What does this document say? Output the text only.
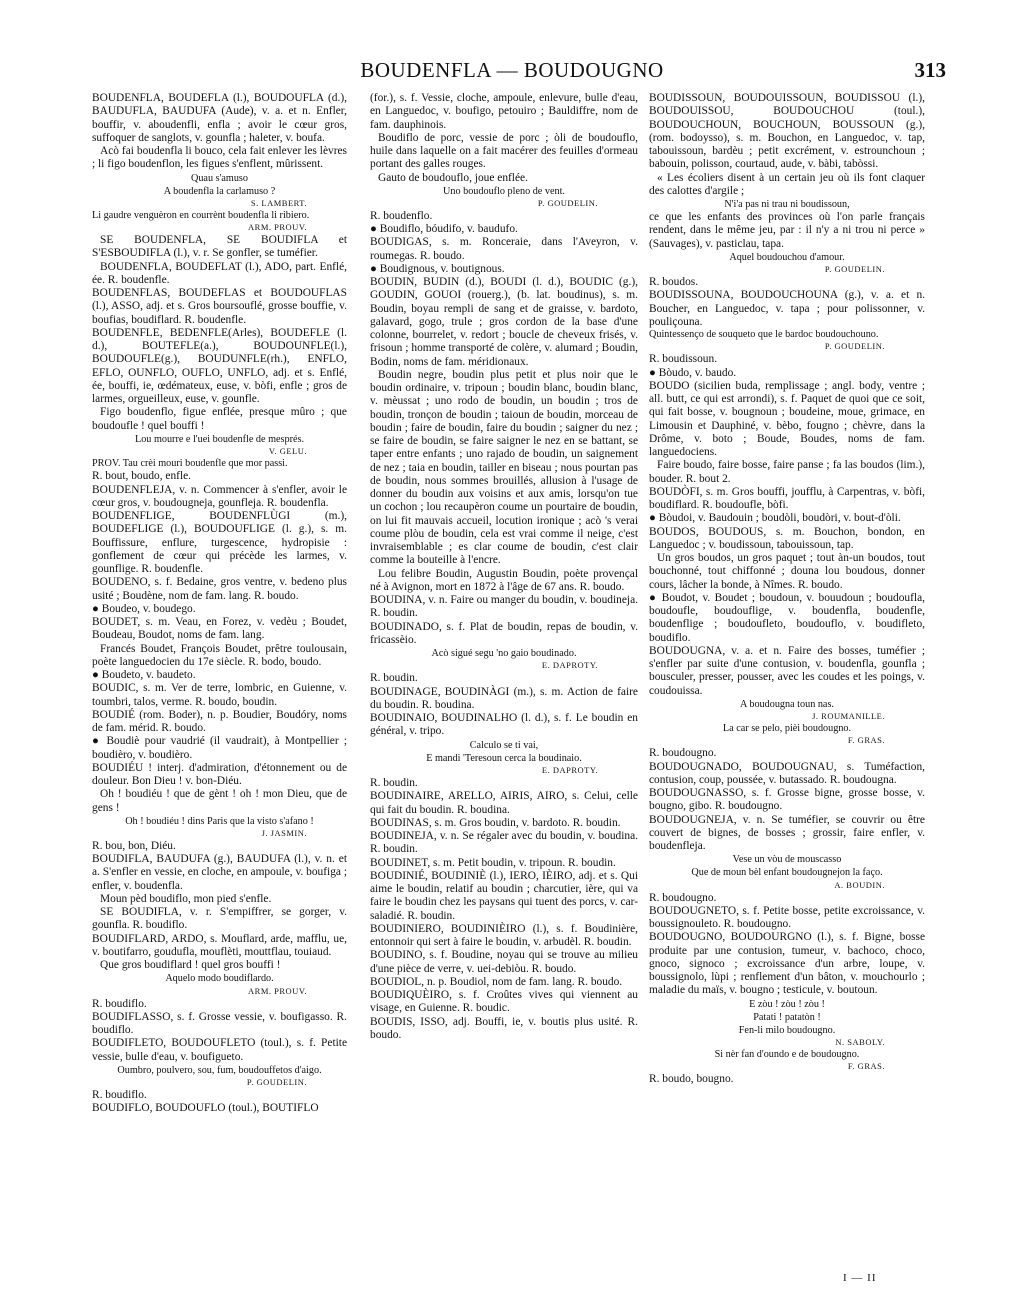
BOUDENFLA — BOUDOUGNO	313

BOUDENFLA, BOUDEFLA (l.), BOUDOUFLA (d.), BAUDUFLA, BAUDUFA (Aude), v. a. et n. Enfler, bouffir, v. aboudenfli, enfla ; avoir le cœur gros, suffoquer de sanglots, v. gounfla ; haleter, v. boufa.

Acò fai boudenfla li bouco, cela fait enlever les lèvres ; li figo boudenflon, les figues s'enflent, mûrissent.

Quau s'amuso

A boudenfla la carlamuso ?

S. LAMBERT.

Li gaudre venguèron en courrènt boudenfla li ribiero.

ARM. PROUV.

SE BOUDENFLA, SE BOUDIFLA et S'ESBOUDIFLA (l.), v. r. Se gonfler, se tuméfier.

BOUDENFLA, BOUDEFLAT (l.), ADO, part. Enflé, ée. R. boudenfle.

BOUDENFLAS, BOUDEFLAS et BOUDOUFLAS (l.), ASSO, adj. et s. Gros boursouflé, grosse bouffie, v. boufias, boudiflard. R. boudenfle.

BOUDENFLE, BEDENFLE(Arles), BOUDEFLE (l. d.), BOUTEFLE(a.), BOUDOUNFLE(l.), BOUDOUFLE(g.), BOUDUNFLE(rh.), ENFLO, EFLO, OUNFLO, OUFLO, UNFLO, adj. et s. Enflé, ée, bouffi, ie, œdémateux, euse, v. bòfi, enfle ; gros de larmes, orgueilleux, euse, v. gounfle.

Figo boudenflo, figue enflée, presque mûro ; que boudoufle ! quel bouffi !

Lou mourre e l'uei boudenfle de mesprés.

V. GELU.

PROV. Tau crèi mouri boudenfle que mor passi.

R. bout, boudo, enfle.

BOUDENFLEJA, v. n. Commencer à s'enfler, avoir le cœur gros, v. boudougneja, gounfleja. R. boudenfla.

BOUDENFLIGE, BOUDENFLÙGI (m.), BOUDEFLIGE (l.), BOUDOUFLIGE (l. g.), s. m. Bouffissure, enflure, turgescence, hydropisie : gonflement de cœur qui précède les larmes, v. gounflige. R. boudenfle.

BOUDENO, s. f. Bedaine, gros ventre, v. bedeno plus usité ; Boudène, nom de fam. lang. R. boudo.

● Boudeo, v. boudego.

BOUDET, s. m. Veau, en Forez, v. vedèu ; Boudet, Boudeau, Boudot, noms de fam. lang.

Francés Boudet, François Boudet, prêtre toulousain, poète languedocien du 17e siècle. R. bodo, boudo.

● Boudeto, v. baudeto.

BOUDIC, s. m. Ver de terre, lombric, en Guienne, v. toumbri, talos, verme. R. boudo, boudin.

BOUDIÉ (rom. Boder), n. p. Boudier, Boudóry, noms de fam. mérid. R. boudo.

● Boudiè pour vaudrié (il vaudrait), à Montpellier ; boudièro, v. boudièro.

BOUDIÉU ! interj. d'admiration, d'étonnement ou de douleur. Bon Dieu ! v. bon-Diéu.

Oh ! boudiéu ! que de gènt ! oh ! mon Dieu, que de gens !

Oh ! boudiéu ! dins Paris que la visto s'afano !

J. JASMIN.

R. bou, bon, Diéu.

BOUDIFLA, BAUDUFA (g.), BAUDUFA (l.), v. n. et a. S'enfler en vessie, en cloche, en ampoule, v. boufiga ; enfler, v. boudenfla.

Moun pèd boudiflo, mon pied s'enfle.

SE BOUDIFLA, v. r. S'empiffrer, se gorger, v. gounfla. R. boudiflo.

BOUDIFLARD, ARDO, s. Mouflard, arde, mafflu, ue, v. boutifarro, goudufla, mouflèti, mouttflau, touiaud.

Que gros boudiflard ! quel gros bouffi !

Aquelo modo boudiflardo.

ARM. PROUV.

R. boudiflo.

BOUDIFLASSO, s. f. Grosse vessie, v. boufigasso. R. boudiflo.

BOUDIFLETO, BOUDOUFLETO (toul.), s. f. Petite vessie, bulle d'eau, v. boufigueto.

Oumbro, poulvero, sou, fum, boudouffetos d'aigo.

P. GOUDELIN.

R. boudiflo.

BOUDIFLO, BOUDOUFLO (toul.), BOUTIFLO

(for.), s. f. Vessie, cloche, ampoule, enlevure, bulle d'eau, en Languedoc, v. boufigo, petouiro ; Bauldiffre, nom de fam. dauphinois.

Boudiflo de porc, vessie de porc ; òli de boudouflo, huile dans laquelle on a fait macérer des feuilles d'ormeau portant des galles rouges.

Gauto de boudouflo, joue enflée.

Uno boudouflo pleno de vent.

P. GOUDELIN.

R. boudenflo.

● Boudiflo, bóudifo, v. baudufo.

BOUDIGAS, s. m. Ronceraie, dans l'Aveyron, v. roumegas. R. boudo.

● Boudignous, v. boutignous.

BOUDIN, BUDIN (d.), BOUDI (l. d.), BOUDIC (g.), GOUDIN, GOUOI (rouerg.), (b. lat. boudinus), s. m. Boudin, boyau rempli de sang et de graisse, v. bardoto, galavard, gogo, trule ; gros cordon de la base d'une colonne, bourrelet, v. redort ; boucle de cheveux frisés, v. frisoun ; homme transporté de colère, v. alumard ; Boudin, Bodin, noms de fam. méridionaux.

Boudin negre, boudin plus petit et plus noir que le boudin ordinaire, v. tripoun ; boudin blanc, boudin blanc, v. mèussat ; uno rodo de boudin, un boudin ; tros de boudin, tronçon de boudin ; taioun de boudin, morceau de boudin ; faire de boudin, faire du boudin ; saigner du nez ; se faire de boudin, se faire saigner le nez en se battant, se taper entre enfants ; uno rajado de boudin, un saignement de nez ; taia en boudin, tailler en biseau ; nous pourtan pas de boudin, nous sommes brouillés, allusion à l'usage de donner du boudin aux voisins et aux amis, lorsqu'on tue un cochon ; lou recaupèron coume un pourtaire de boudin, on lui fit mauvais accueil, locution ironique ; acò 's verai coume plòu de boudin, cela est vrai comme il neige, c'est invraisemblable ; es clar coume de boudin, c'est clair comme la bouteille à l'encre.

Lou felibre Boudin, Augustin Boudin, poète provençal né à Avignon, mort en 1872 à l'âge de 67 ans. R. boudo.

BOUDINA, v. n. Faire ou manger du boudin, v. boudineja. R. boudin.

BOUDINADO, s. f. Plat de boudin, repas de boudin, v. fricassèio.

Acò sigué segu 'no gaio boudinado.

E. DAPROTY.

R. boudin.

BOUDINAGE, BOUDINÀGI (m.), s. m. Action de faire du boudin. R. boudina.

BOUDINAIO, BOUDINALHO (l. d.), s. f. Le boudin en général, v. tripo.

Calculo se ti vai,

E mandi 'Teresoun cerca la boudinaio.

E. DAPROTY.

R. boudin.

BOUDINAIRE, ARELLO, AIRIS, AIRO, s. Celui, celle qui fait du boudin. R. boudina.

BOUDINAS, s. m. Gros boudin, v. bardoto. R. boudin.

BOUDINEJA, v. n. Se régaler avec du boudin, v. boudina. R. boudin.

BOUDINET, s. m. Petit boudin, v. tripoun. R. boudin.

BOUDINIÉ, BOUDINIÈ (l.), IERO, IÈIRO, adj. et s. Qui aime le boudin, relatif au boudin ; charcutier, ière, qui va faire le boudin chez les paysans qui tuent des porcs, v. car-saladié. R. boudin.

BOUDINIERO, BOUDINIÈIRO (l.), s. f. Boudinière, entonnoir qui sert à faire le boudin, v. arbudèl. R. boudin.

BOUDINO, s. f. Boudine, noyau qui se trouve au milieu d'une pièce de verre, v. uei-debiòu. R. boudo.

BOUDIOL, n. p. Boudiol, nom de fam. lang. R. boudo.

BOUDIQUÈIRO, s. f. Croûtes vives qui viennent au visage, en Guienne. R. boudic.

BOUDIS, ISSO, adj. Bouffi, ie, v. boutis plus usité. R. boudo.

BOUDISSOUN, BOUDOUISSOUN, BOUDISSOU (l.), BOUDOUISSOU, BOUDOUCHOU (toul.), BOUDOUCHOUN, BOUCHOUN, BOUSSOUN (g.), (rom. bodoysso), s. m. Bouchon, en Languedoc, v. tap, tabouissoun, bardèu ; petit excrément, v. estrounchoun ; babouin, polisson, courtaud, aude, v. bàbi, tabòssi.

« Les écoliers disent à un certain jeu où ils font claquer des calottes d'argile ;

N'i'a pas ni trau ni boudissoun,

ce que les enfants des provinces où l'on parle français rendent, dans le même jeu, par : il n'y a ni trou ni perce » (Sauvages), v. pasticlau, tapa.

Aquel boudouchou d'amour.

P. GOUDELIN.

R. boudos.

BOUDISSOUNA, BOUDOUCHOUNA (g.), v. a. et n. Boucher, en Languedoc, v. tapa ; pour polissonner, v. pouliçouna.

Quintessenço de souqueto que le bardoc boudouchouno.

P. GOUDELIN.

R. boudissoun.

● Bòudo, v. baudo.

BOUDO (sicilien buda, remplissage ; angl. body, ventre ; all. butt, ce qui est arrondi), s. f. Paquet de quoi que ce soit, qui fait bosse, v. bougnoun ; boudeine, moue, grimace, en Limousin et Dauphiné, v. bèbo, fougno ; chèvre, dans la Drôme, v. boto ; Boude, Boudes, noms de fam. languedociens.

Faire boudo, faire bosse, faire panse ; fa las boudos (lim.), bouder. R. bout 2.

BOUDÒFI, s. m. Gros bouffi, joufflu, à Carpentras, v. bòfi, boudiflard. R. boudoufle, bòfi.

● Bòudoi, v. Baudouin ; boudòli, boudòri, v. bout-d'òli.

BOUDOS, BOUDOUS, s. m. Bouchon, bondon, en Languedoc ; v. boudissoun, tabouissoun, tap.

Un gros boudos, un gros paquet ; tout àn-un boudos, tout bouchonné, tout chiffonné ; douna lou boudous, donner cours, lâcher la bonde, à Nîmes. R. boudo.

● Boudot, v. Boudet ; boudoun, v. bouudoun ; boudoufla, boudoufle, boudouflige, v. boudenfla, boudenfle, boudenflige ; boudoufleto, boudouflo, v. boudifleto, boudiflo.

BOUDOUGNA, v. a. et n. Faire des bosses, tuméfier ; s'enfler par suite d'une contusion, v. boudenfla, gounfla ; bousculer, presser, pousser, avec les coudes et les poings, v. coudouissa.

A boudougna toun nas.

J. ROUMANILLE.

La car se pelo, pièi boudougno.

F. GRAS.

R. boudougno.

BOUDOUGNADO, BOUDOUGNAU, s. Tuméfaction, contusion, coup, poussée, v. butassado. R. boudougna.

BOUDOUGNASSO, s. f. Grosse bigne, grosse bosse, v. bougno, gibo. R. boudougno.

BOUDOUGNEJA, v. n. Se tuméfier, se couvrir ou être couvert de bignes, de bosses ; grossir, faire enfler, v. boudenfleja.

Vese un vòu de mouscasso

Que de moun bèl enfant boudougnejon la faço.

A. BOUDIN.

R. boudougno.

BOUDOUGNETO, s. f. Petite bosse, petite excroissance, v. boussignouleto. R. boudougno.

BOUDOUGNO, BOUDOURGNO (l.), s. f. Bigne, bosse produite par une contusion, tumeur, v. bachoco, choco, gnoco, signoco ; excroissance d'un arbre, loupe, v. boussignolo, lùpi ; renflement d'un bâton, v. mouchourlo ; maladie du maïs, v. bougno ; testicule, v. boutoun.

E zòu ! zòu ! zòu !

Patati ! patatòn !

Fen-li milo boudougno.

N. SABOLY.

Si nèr fan d'oundo e de boudougno.

F. GRAS.

R. boudo, bougno.

I — II
